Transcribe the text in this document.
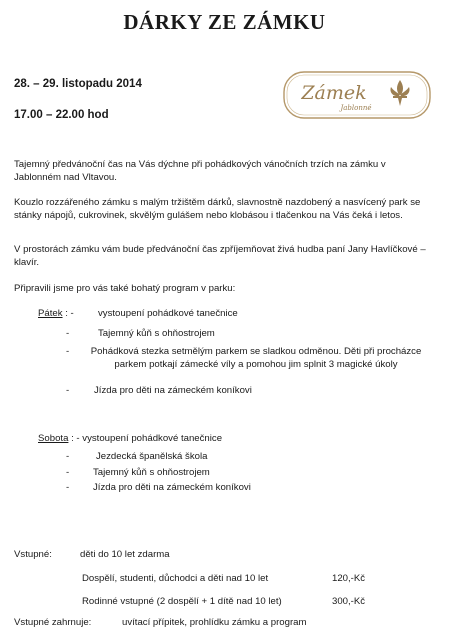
DÁRKY ZE ZÁMKU
28. – 29. listopadu 2014
17.00 – 22.00 hod
Zámek
Jablonné
Tajemný předvánoční čas na Vás dýchne při pohádkových vánočních trzích na zámku v Jablonném nad Vltavou.
Kouzlo rozzářeného zámku s malým tržištěm dárků, slavnostně nazdobený a nasvícený park se stánky nápojů, cukrovinek, skvělým gulášem nebo klobásou i tlačenkou na Vás čeká i letos.
V prostorách zámku vám bude předvánoční čas zpříjemňovat živá hudba paní Jany Havlíčkové – klavír.
Připravili jsme pro vás také bohatý program v parku:
Pátek : -	vystoupení pohádkové tanečnice
-	Tajemný kůň s ohňostrojem
-	Pohádková stezka setmělým parkem se sladkou odměnou. Děti při procházce parkem potkají zámecké víly a pomohou jim splnit 3 magické úkoly
-	Jízda pro děti na zámeckém koníkovi
Sobota : - vystoupení pohádkové tanečnice
-	Jezdecká španělská škola
- Tajemný kůň s ohňostrojem
- Jízda pro děti na zámeckém koníkovi
Vstupné:	děti do 10 let zdarma
Dospělí, studenti, důchodci a děti nad 10 let	120,-Kč
Rodinné vstupné (2 dospělí + 1 dítě nad 10 let)	300,-Kč
Vstupné zahrnuje:	uvítací přípitek, prohlídku zámku a program
